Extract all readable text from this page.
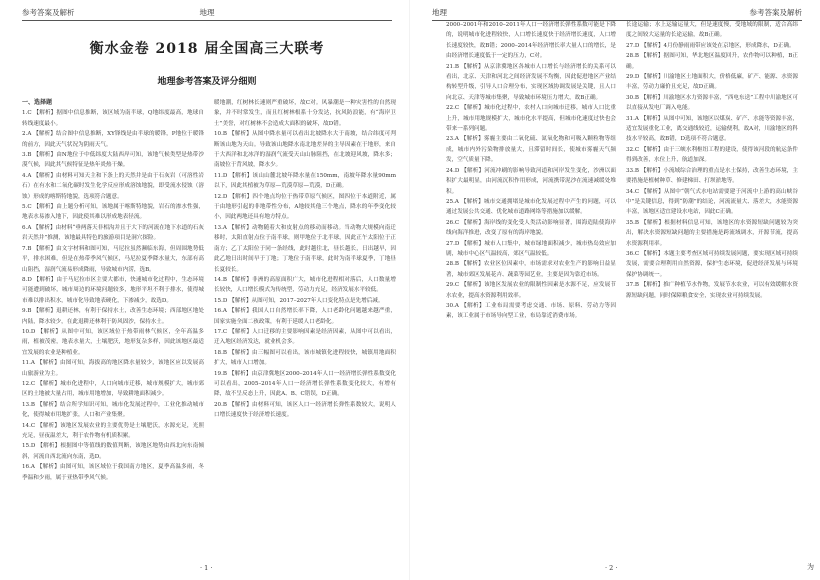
参考答案及解析	地理
衡水金卷 2018 届全国高三大联考
地理参考答案及评分细则

一、选择题

1.C 【解析】据图中信息推断，该区域为南半球，Q地纬度最高，地球自转线速度最小。

2.A 【解析】结合图中信息推断，XY锋线是由半球的暖锋，P地位于暖锋的前方，因此天气状况为阴雨天气。

3.B 【解析】由N地位于中低纬度大陆西岸可知，该地气候类型是热带沙漠气候，因此其气候特征是热年炎热干燥。

4.A 【解析】由材料可知天主和下条上的天然井是由于石灰岩（可溶性岩石）在有水和二氧化碳时发生化学反应形成溶蚀地貌，即受流水侵蚀（溶蚀）形成的喀斯特地貌，选项符合题意。

5.C 【解析】由上题分析可知，该地属于喀斯特地貌，岩石的渗水性强，地表水易渗入地下，因此使其难以形成地表径流。

6.A 【解析】由材料“垂两落天非相沟并且于大下的河流在地下水道的石灰岩天然井”推测，该地最具特色的旅游项目是洞穴探险。

7.B 【解析】由文字材料和图可知，马尼拉虽然濒临东海，但周围地势低平，排水困难，但是在热带季风气候区，马尼拉夏季降水量大，东部有高山阻挡，湿润气流易形成降雨，导致城市内涝，选B。

8.D 【解析】由于马尼拉市区主要大都市，快速城市化过程中，生态环境可能遭到破坏，城市周边的环境问题较多，地形平坦不利于排水，使得城市难以排出积水，城市化导致地表硬化，下渗减少，故选D。

9.B 【解析】退耕还林，有利于保持水土，改善生态环境；西部地区地处内陆，降水较少，在此退耕还林利于防风固沙，保持水土。

10.D 【解析】从图中可知，该区域位于热带雨林气候区，全年高温多雨，植被茂密，地表水量大，土壤肥沃，地形复杂多样，因此该地区最适宜发展的农业是种植业。

11.A 【解析】由图可知，海拔高的地区降水量较少，该地区应以发展高山旅游业为主。

12.C 【解析】城市化进程中，人口向城市迁移，城市规模扩大，城市郊区的土地被大量占用，城市用地增加，导致耕地面积减少。

13.B 【解析】结合所学知识可知，城市化发展过程中，工业化推动城市化，使得城市用地扩张，人口和产业集聚。

14.C 【解析】该地区发展农业的主要优势是土壤肥沃，水源充足，光照充足，昼夜温差大，利于农作物有机质积累。

15.D 【解析】根据图中等值线的数值判断，该地区地势由西北向东南倾斜，河流自西北流向东南，选D。

16.A 【解析】由图可知，该区域位于我国南方地区，夏季高温多雨，冬季温和少雨，属于亚热带季风气候。

暖地潮，红树林长速则严重破坏，故C对。风暴潮是一种灾害性的自然现象，并不时常发生，而且红树林根系十分发达，抗风防浪能，有“海岸卫士”美誉，对红树林不会造成大面积的破坏，故D错。

10.B 【解析】从图中降水量可以看出北坡降水大于南坡，结合纬度可判断该山地为天山。导致该山地降水南北地差异的主导因素在于地形，来自于大西洋和北冰洋的湿润气流受天山山脉阻挡，在北坡迎风坡，降水多；南坡位于背风坡，降水少。

11.D 【解析】该山山麓北坡年降水量在150mm，南坡年降水量90mm以下，因此其植被为草原—荒漠草原—荒漠，D正确。

12.D 【解析】四个地点均位于热带草原气候区，图四位于本道附近，属于由地形引起的非地带性分布，A地较其他三个地点，降水的年季变化较小，因此两地还具有地方特点。

13.A 【解析】动物随着大和皮射点的移动而移动。当动物大规模向南迁移时，太阳直射点位于南半球，则甲地位于北半球，因此正午太阳位于正南方；乙丁太阳位于同一条经线，此时越往北，昼长越长，日出越早，因此乙地日出时间早于丁地；丁地位于南半球，此时为南半球夏季，丁地昼长夏较长。

14.B 【解析】非洲的高原面积广大，城市化进程相对落后，人口数量增长较快，人口增长模式为传统型，劳动力充足，经济发展水平较低。

15.D 【解析】从图可知，2017–2027年人口变化特点是先增后减。

16.A 【解析】我国人口自然增长率下降，人口老龄化问题越来越严重，国家实施全面二孩政策，有利于延缓人口老龄化。

17.C 【解析】人口迁移的主要影响因素是经济因素，从图中可以看出，迁入地区经济发达，就业机会多。

18.B 【解析】由三幅图可以看出，该市城镇化进程较快，城镇用地面积扩大，城市人口增加。

19.B 【解析】由京津冀地区2000–2014年人口一经济增长弹性系数变化可以看出，2005–2014年人口一经济增长弹性系数变化较大，有增有降，故不呈反态上升，因此A、B、C错误，D正确。

20.B 【解析】由材料可知，该区人口一经济增长弹性系数较大，说明人口增长速度快于经济增长速度。

· 1 ·
地理	参考答案及解析

2000–2001年和2010–2011年人口一经济增长弹性系数可能是下降的，说明城市化进程较快，人口增长速度快于经济增长速度，人口增长速度较快，故B错；2000–2014年经济增长率大量人口的增长，是由经济增长速度低于一定的压力，C对。

21.B 【解析】从京津冀地区各城市人口增长与经济增长的关系可以看出，北京、天津和河北之间经济发展不均衡，因此促进地区产业结构转型升级，引导人口合理分布，实现区域协调发展是关键，且人口向北京、天津等城市集聚，导致城市环境压力增大，故B正确。

22.C 【解析】城市化过程中，农村人口向城市迁移，城市人口比重上升，城市用地规模扩大，城市化水平提高，但城市化速度过快也会带来一系列问题。

23.A 【解析】雾霾主要由二氧化硫、氮氧化物和可吸入颗粒物等组成，城市内外污染物排放量大，且滞留时间长，使城市雾霾天气频发，空气质量下降。

24.D 【解析】河流冲刷的影响导致河道和河岸发生变化，沙洲以面积扩大最明显，由河流沉积作用形成，河流携带泥沙在流速减缓处堆积。

25.A 【解析】城市交通拥堵是城市化发展过程中产生的问题，可以通过发展公共交通、优化城市道路网络等措施加以缓解。

26.C 【解析】海岸线的变化受人类活动影响显著，围海造陆使海岸线向海洋推进，改变了原有的海岸地貌。

27.D 【解析】城市人口集中，城市绿地面积减少，城市热岛效应加剧，城市中心区气温较高，郊区气温较低。

28.B 【解析】农业区位因素中，市场需求对农业生产的影响日益显著，城市郊区发展花卉、蔬菜等园艺业，主要是因为靠近市场。

29.C 【解析】该地区发展农业的限制性因素是水源不足，应发展节水农业，提高水资源利用效率。

30.A 【解析】工业布局需要考虑交通、市场、原料、劳动力等因素，该工业属于市场导向型工业，布局靠近消费市场。

长途运输；水上运输运量大，但是速度慢，受地域的限制，适合高纬度之间较大运量的长途运输，故B正确。

27.D 【解析】4月份静雨雨带应该处在京地区，形成降水，D正确。

28.B 【解析】据图可知，华北地区温度回升，农作物可以种植，B正确。

29.D 【解析】川渝地区土地面积大，价格低廉，矿产、能源、水资源丰富，劳动力廉价且充足，故D正确。

30.B 【解析】川渝地区水力资源丰富，“西电东送”工程中川渝地区可以直接从发电厂调入电能。

31.A 【解析】从图中可知，该地区以煤炭、矿产、水能等资源丰富，适宜发展重化工业，离交通线较近，运输便利，故A对，川渝地区的科技水平较高，故B错，D选项不符合题意。

32.C 【解析】由于三峡水利枢纽工程的建设，使得该河段的航运条件得到改善，水位上升，航道加深。

33.B 【解析】小流域综合治理的重点是水土保持，改善生态环境，主要措施是植树种草、修建梯田、打坝淤地等。

34.C 【解析】从图中“朝气式水电站需要建于河流中上游的高山峡谷中”是关键信息，得到“防潮”的结论，河流流量大、落差大，水能资源丰富，该地区适宜建设水电站，因此C正确。

35.B 【解析】根据材料信息可知，该地区的水资源短缺问题较为突出，解决水资源短缺问题的主要措施是跨流域调水，开源节流，提高水资源利用率。

36.C 【解析】本题主要考查区域可持续发展问题，要实现区域可持续发展，需要合理利用自然资源，保护生态环境，促进经济发展与环境保护协调统一。

37.B 【解析】推广种植节水作物，发展节水农业，可以有效缓解水资源短缺问题，同时保障粮食安全，实现农业可持续发展。

· 2 ·	为
